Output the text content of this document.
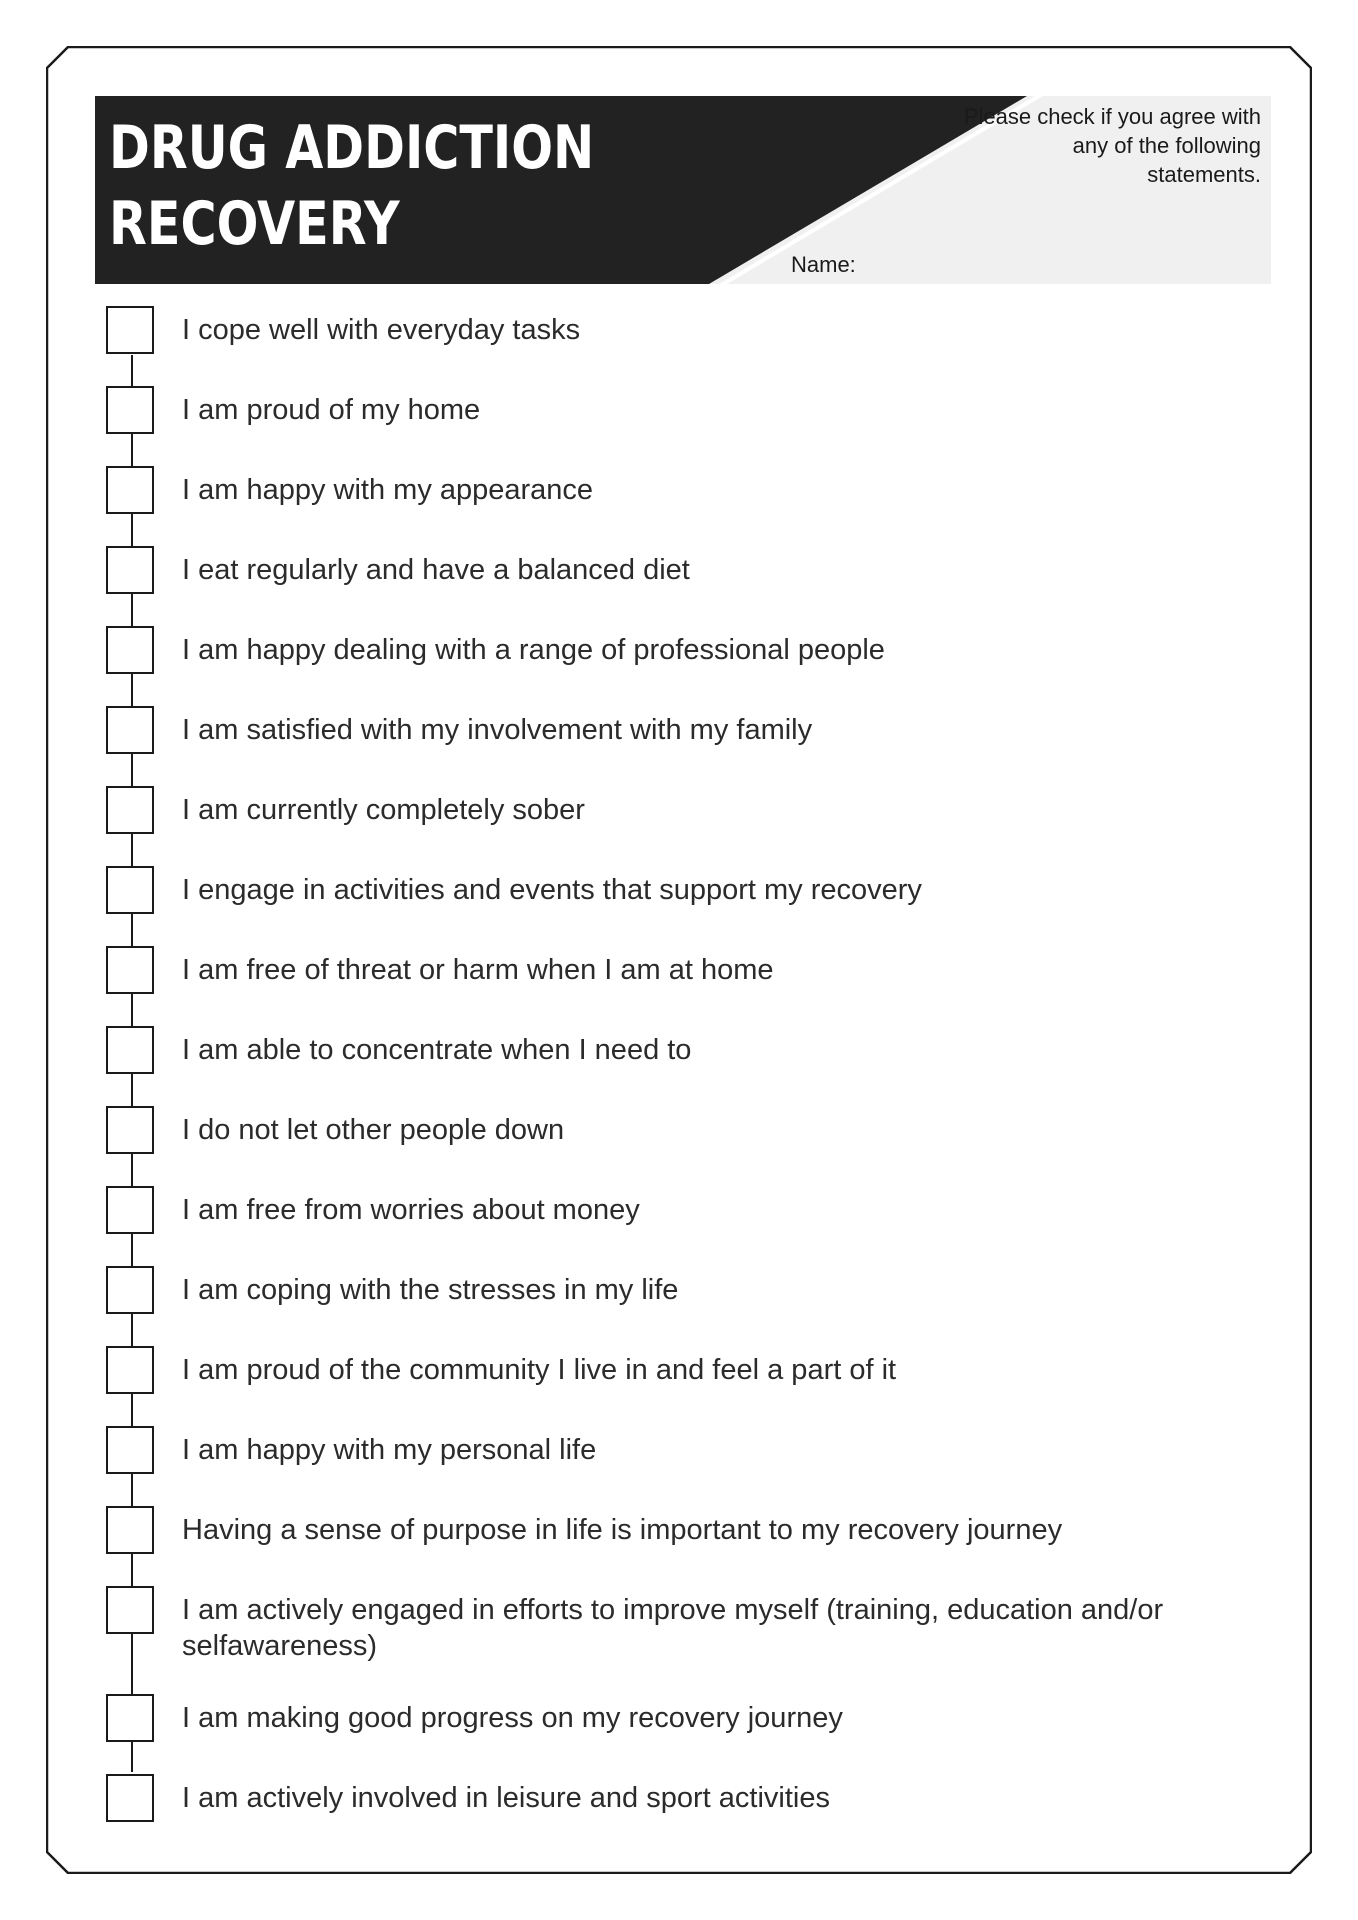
DRUG ADDICTION
RECOVERY
Please check if you agree with any of the following statements.
Name:
I cope well with everyday tasks
I am proud of my home
I am happy with my appearance
I eat regularly and have a balanced diet
I am happy dealing with a range of professional people
I am satisfied with my involvement with my family
I am currently completely sober
I engage in activities and events that support my recovery
I am free of threat or harm when I am at home
I am able to concentrate when I need to
I do not let other people down
I am free from worries about money
I am coping with the stresses in my life
I am proud of the community I live in and feel a part of it
I am happy with my personal life
Having a sense of purpose in life is important to my recovery journey
I am actively engaged in efforts to improve myself (training, education and/or selfawareness)
I am making good progress on my recovery journey
I am actively involved in leisure and sport activities
